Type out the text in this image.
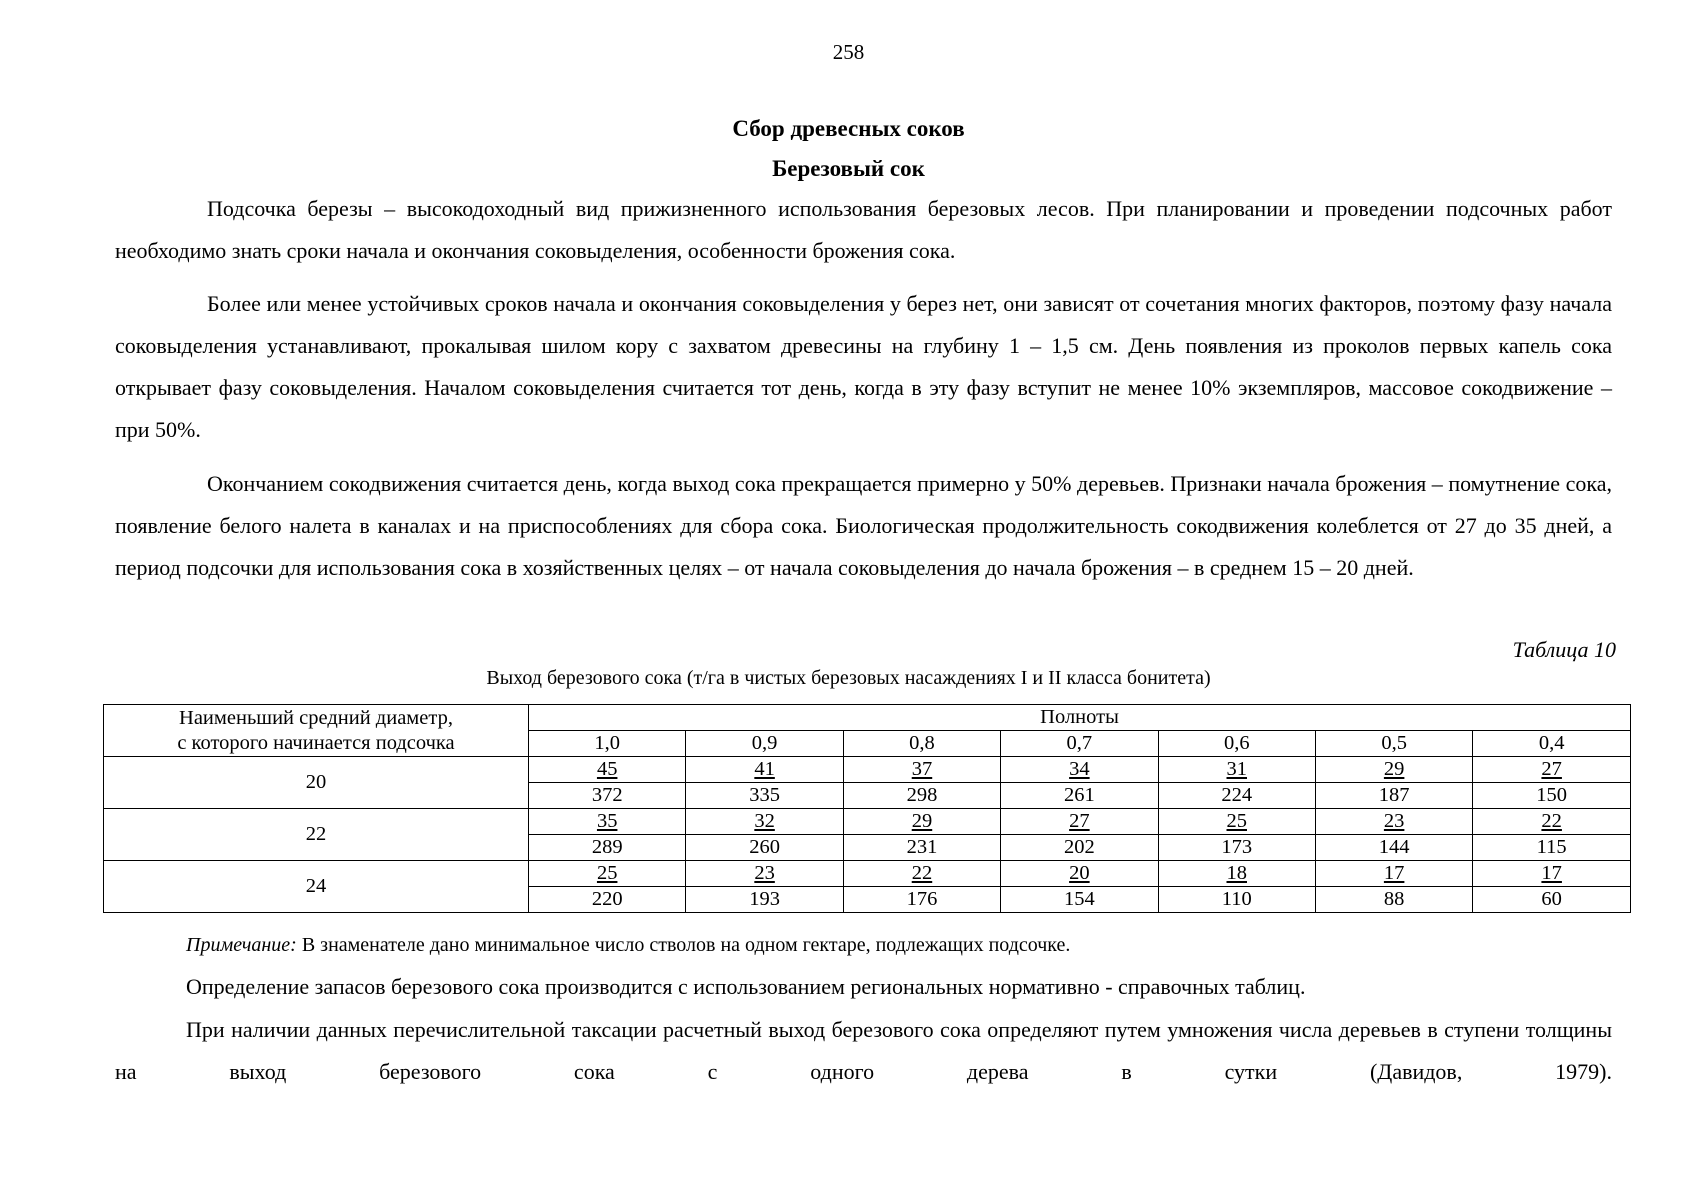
258
Сбор древесных соков
Березовый сок

Подсочка березы – высокодоходный вид прижизненного использования березовых лесов. При планировании и проведении подсочных работ необходимо знать сроки начала и окончания соковыделения, особенности брожения сока.

Более или менее устойчивых сроков начала и окончания соковыделения у берез нет, они зависят от сочетания многих факторов, поэтому фазу начала соковыделения устанавливают, прокалывая шилом кору с захватом древесины на глубину 1 – 1,5 см. День появления из проколов первых капель сока открывает фазу соковыделения. Началом соковыделения считается тот день, когда в эту фазу вступит не менее 10% экземпляров, массовое сокодвижение – при 50%.

Окончанием сокодвижения считается день, когда выход сока прекращается примерно у 50% деревьев. Признаки начала брожения – помутнение сока, появление белого налета в каналах и на приспособлениях для сбора сока. Биологическая продолжительность сокодвижения колеблется от 27 до 35 дней, а период подсочки для использования сока в хозяйственных целях – от начала соковыделения до начала брожения – в среднем 15 – 20 дней.

Таблица 10
Выход березового сока (т/га в чистых березовых насаждениях I и II класса бонитета)
Наименьший средний диаметр,
с которого начинается подсочка	Полноты						
	1,0	0,9	0,8	0,7	0,6	0,5	0,4
20	45	41	37	34	31	29	27
	372	335	298	261	224	187	150
22	35	32	29	27	25	23	22
	289	260	231	202	173	144	115
24	25	23	22	20	18	17	17
	220	193	176	154	110	88	60
Примечание: В знаменателе дано минимальное число стволов на одном гектаре, подлежащих подсочке.
Определение запасов березового сока производится с использованием региональных нормативно - справочных таблиц.

При наличии данных перечислительной таксации расчетный выход березового сока определяют путем умножения числа деревьев в ступени толщины на выход березового сока с одного дерева в сутки (Давидов, 1979).
